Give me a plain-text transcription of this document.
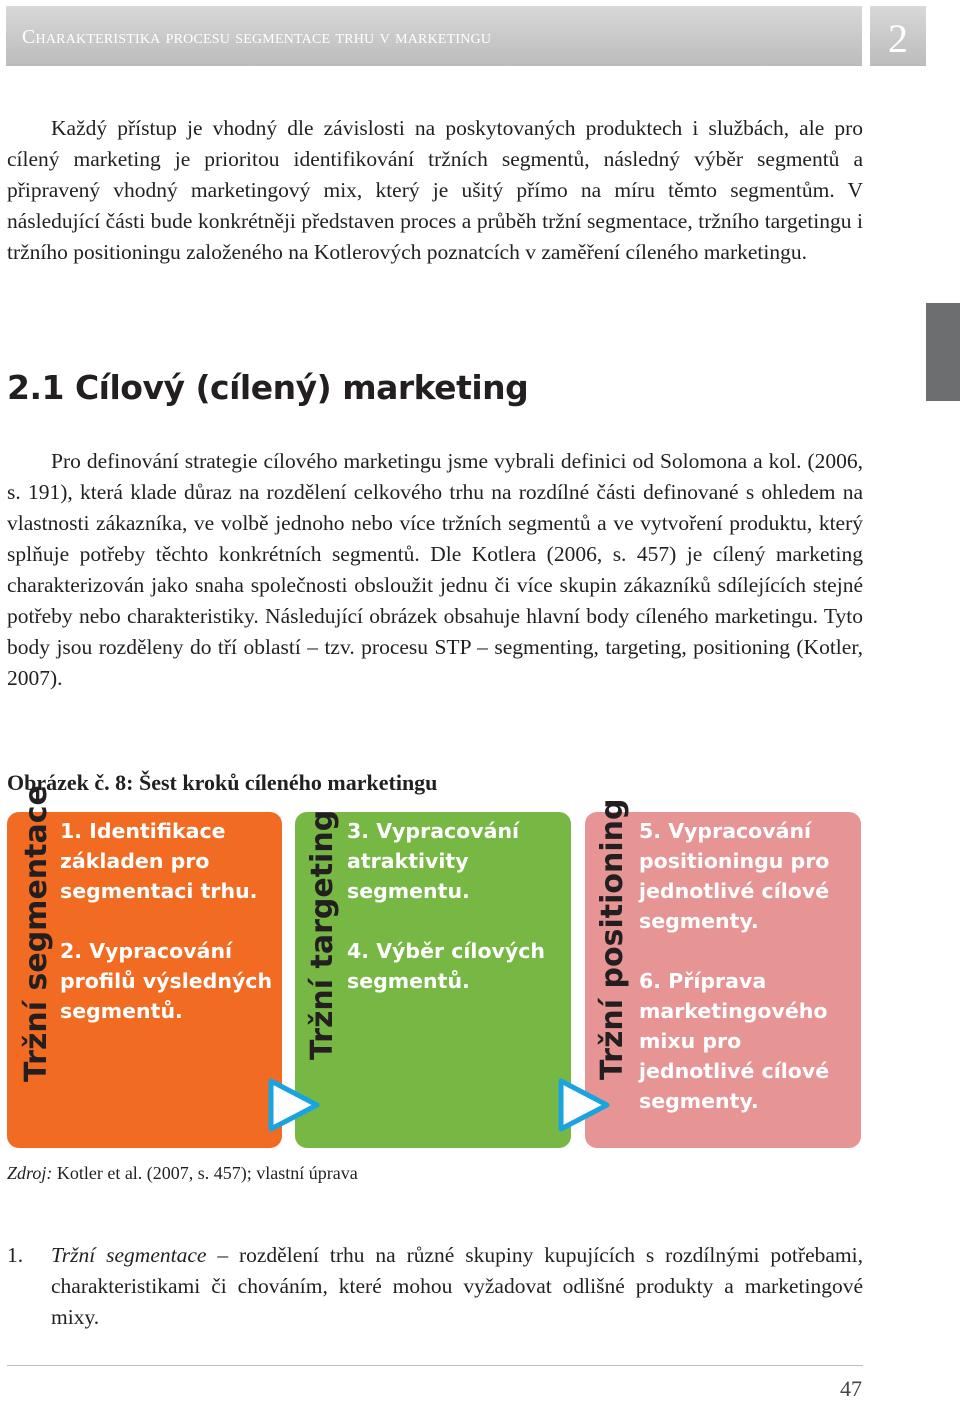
Charakteristika procesu segmentace trhu v marketingu	2

Každý přístup je vhodný dle závislosti na poskytovaných produktech i službách, ale pro cílený marketing je prioritou identifikování tržních segmentů, následný výběr segmentů a připravený vhodný marketingový mix, který je ušitý přímo na míru těmto segmentům. V následující části bude konkrétněji představen proces a průběh tržní segmentace, tržního targetingu i tržního positioningu založeného na Kotlerových poznatcích v zaměření cíleného marketingu.

2.1 Cílový (cílený) marketing

Pro definování strategie cílového marketingu jsme vybrali definici od Solomona a kol. (2006, s. 191), která klade důraz na rozdělení celkového trhu na rozdílné části definované s ohledem na vlastnosti zákazníka, ve volbě jednoho nebo více tržních segmentů a ve vytvoření produktu, který splňuje potřeby těchto konkrétních segmentů. Dle Kotlera (2006, s. 457) je cílený marketing charakterizován jako snaha společnosti obsloužit jednu či více skupin zákazníků sdílejících stejné potřeby nebo charakteristiky. Následující obrázek obsahuje hlavní body cíleného marketingu. Tyto body jsou rozděleny do tří oblastí – tzv. procesu STP – segmenting, targeting, positioning (Kotler, 2007).

Obrázek č. 8: Šest kroků cíleného marketingu
Tržní segmentace 1. Identifikace
základen pro
segmentaci trhu.
2. Vypracování
profilů výsledných
segmentů.	Tržní targeting 3. Vypracování
atraktivity
segmentu.
4. Výběr cílových
segmentů.	Tržní positioning 5. Vypracování
positioningu pro
jednotlivé cílové
segmenty.
6. Příprava
marketingového
mixu pro
jednotlivé cílové
segmenty.
Zdroj: Kotler et al. (2007, s. 457); vlastní úprava
1. Tržní segmentace – rozdělení trhu na různé skupiny kupujících s rozdílnými potřebami, charakteristikami či chováním, které mohou vyžadovat odlišné produkty a marketingové mixy.
47
